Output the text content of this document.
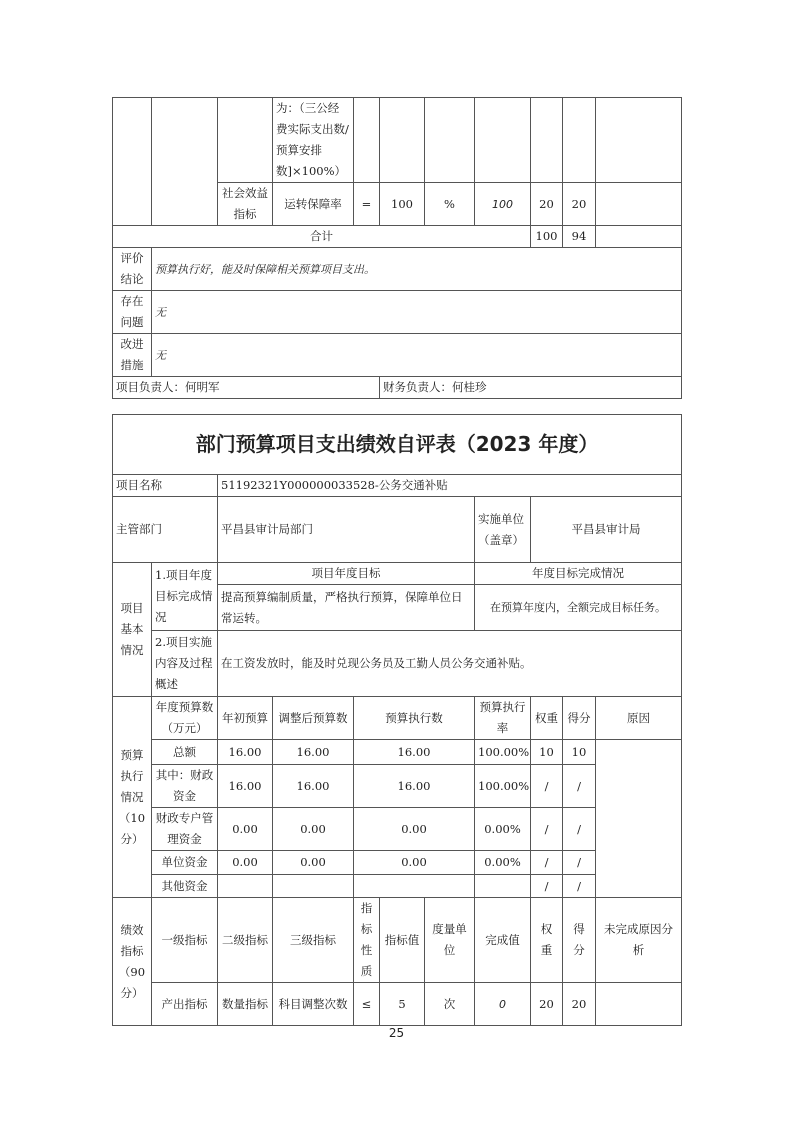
			为：（三公经费实际支出数/预算安排数]×100%）							
		社会效益指标	运转保障率	=	100	%	100	20	20	
合计								100	94	
评价结论	预算执行好，能及时保障相关预算项目支出。									
存在问题	无									
改进措施	无									
项目负责人：何明军					财务负责人：何桂珍					
部门预算项目支出绩效自评表（2023 年度）										
项目名称		51192321Y000000033528-公务交通补贴								
主管部门		平昌县审计局部门					实施单位（盖章）	平昌县审计局		
项目基本情况	1.项目年度目标完成情况	项目年度目标					年度目标完成情况			
		提高预算编制质量，严格执行预算，保障单位日常运转。					在预算年度内，全额完成目标任务。			
	2.项目实施内容及过程概述	在工资发放时，能及时兑现公务员及工勤人员公务交通补贴。								
预算执行情况（10分）	年度预算数（万元）	年初预算	调整后预算数	预算执行数			预算执行率	权重	得分	原因
	总额	16.00	16.00	16.00			100.00%	10	10	
	其中：财政资金	16.00	16.00	16.00			100.00%	/	/	
	财政专户管理资金	0.00	0.00	0.00			0.00%	/	/	
	单位资金	0.00	0.00	0.00			0.00%	/	/	
	其他资金							/	/	
绩效指标（90分）	一级指标	二级指标	三级指标	指标性质	指标值	度量单位	完成值	权重	得分	未完成原因分析
	产出指标	数量指标	科目调整次数	≤	5	次	0	20	20	
25
